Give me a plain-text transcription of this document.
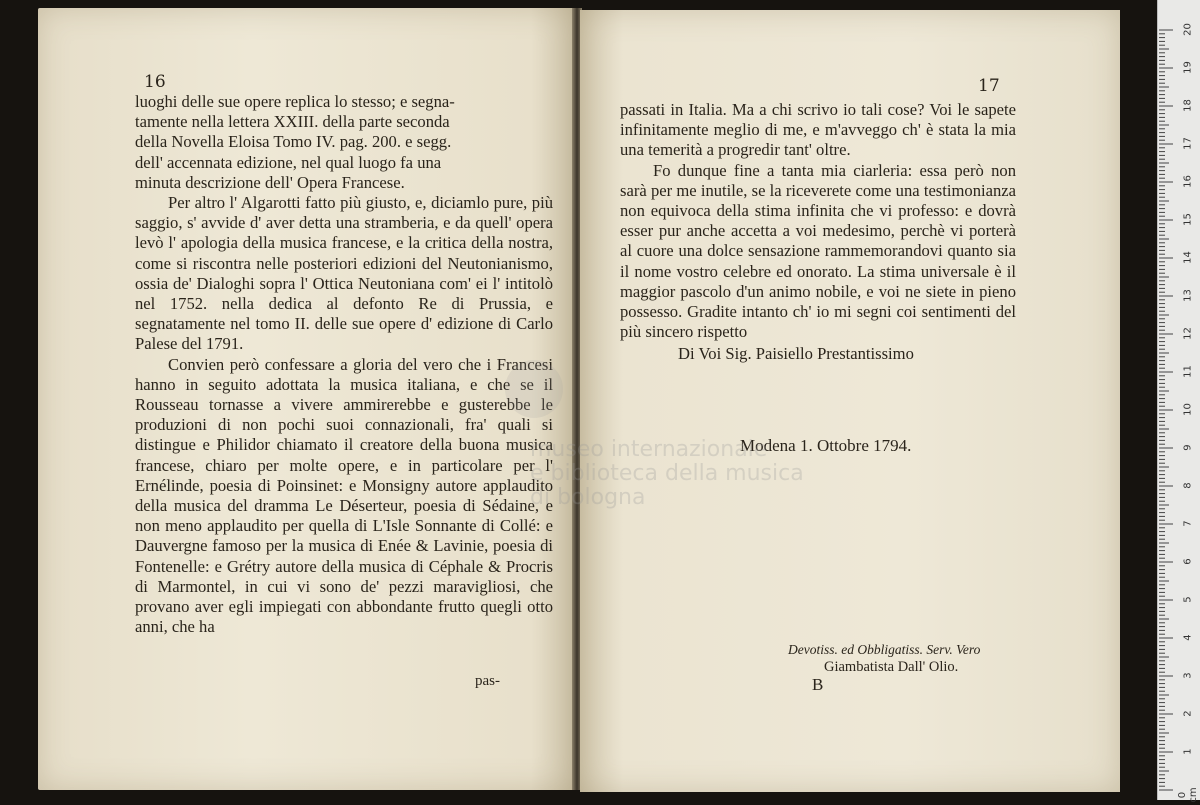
16

luoghi delle sue opere replica lo stesso; e segna-

tamente nella lettera XXIII. della parte seconda

della Novella Eloisa Tomo IV. pag. 200. e segg.

dell' accennata edizione, nel qual luogo fa una

minuta descrizione dell' Opera Francese.

Per altro l' Algarotti fatto più giusto, e, diciamlo pure, più saggio, s' avvide d' aver detta una stramberia, e da quell' opera levò l' apologia della musica francese, e la critica della nostra, come si riscontra nelle posteriori edizioni del Neutonianismo, ossia de' Dialoghi sopra l' Ottica Neutoniana com' ei l' intitolò nel 1752. nella dedica al defonto Re di Prussia, e segnatamente nel tomo II. delle sue opere d' edizione di Carlo Palese del 1791.

Convien però confessare a gloria del vero che i Francesi hanno in seguito adottata la musica italiana, e che se il Rousseau tornasse a vivere ammirerebbe e gusterebbe le produzioni di non pochi suoi connazionali, fra' quali si distingue e Philidor chiamato il creatore della buona musica francese, chiaro per molte opere, e in particolare per l' Ernélinde, poesia di Poinsinet: e Monsigny autore applaudito della musica del dramma Le Déserteur, poesia di Sédaine, e non meno applaudito per quella di L'Isle Sonnante di Collé: e Dauvergne famoso per la musica di Enée & Lavinie, poesia di Fontenelle: e Grétry autore della musica di Céphale & Procris di Marmontel, in cui vi sono de' pezzi maravigliosi, che provano aver egli impiegati con abbondante frutto quegli otto anni, che ha

pas-
17

passati in Italia. Ma a chi scrivo io tali cose? Voi le sapete infinitamente meglio di me, e m'avveggo ch' è stata la mia una temerità a progredir tant' oltre.

Fo dunque fine a tanta mia ciarleria: essa però non sarà per me inutile, se la riceverete come una testimonianza non equivoca della stima infinita che vi professo: e dovrà esser pur anche accetta a voi medesimo, perchè vi porterà al cuore una dolce sensazione rammemorandovi quanto sia il nome vostro celebre ed onorato. La stima universale è il maggior pascolo d'un animo nobile, e voi ne siete in pieno possesso. Gradite intanto ch' io mi segni coi sentimenti del più sincero rispetto

Di Voi Sig. Paisiello Prestantissimo

Modena 1. Ottobre 1794.
Devotiss. ed Obbligatiss. Serv. Vero
Giambatista Dall' Olio.
B
museo internazionale
e biblioteca della musica
di bologna
0 cm
1
2
3
4
5
6
7
8
9
10
11
12
13
14
15
16
17
18
19
20
